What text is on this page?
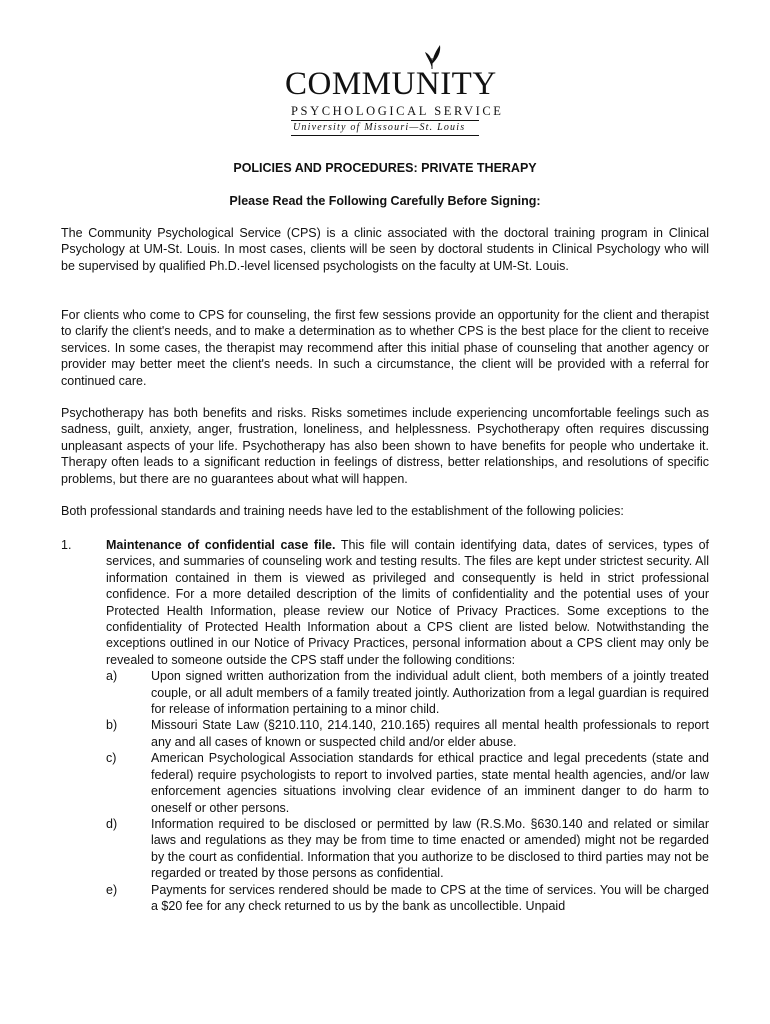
COMMUNITY
PSYCHOLOGICAL SERVICE
University of Missouri—St. Louis
POLICIES AND PROCEDURES: PRIVATE THERAPY
Please Read the Following Carefully Before Signing:
The Community Psychological Service (CPS) is a clinic associated with the doctoral training program in Clinical Psychology at UM-St. Louis. In most cases, clients will be seen by doctoral students in Clinical Psychology who will be supervised by qualified Ph.D.-level licensed psychologists on the faculty at UM-St. Louis.
For clients who come to CPS for counseling, the first few sessions provide an opportunity for the client and therapist to clarify the client's needs, and to make a determination as to whether CPS is the best place for the client to receive services. In some cases, the therapist may recommend after this initial phase of counseling that another agency or provider may better meet the client's needs. In such a circumstance, the client will be provided with a referral for continued care.
Psychotherapy has both benefits and risks. Risks sometimes include experiencing uncomfortable feelings such as sadness, guilt, anxiety, anger, frustration, loneliness, and helplessness. Psychotherapy often requires discussing unpleasant aspects of your life. Psychotherapy has also been shown to have benefits for people who undertake it. Therapy often leads to a significant reduction in feelings of distress, better relationships, and resolutions of specific problems, but there are no guarantees about what will happen.
Both professional standards and training needs have led to the establishment of the following policies:
1.	Maintenance of confidential case file. This file will contain identifying data, dates of services, types of services, and summaries of counseling work and testing results. The files are kept under strictest security. All information contained in them is viewed as privileged and consequently is held in strict professional confidence. For a more detailed description of the limits of confidentiality and the potential uses of your Protected Health Information, please review our Notice of Privacy Practices. Some exceptions to the confidentiality of Protected Health Information about a CPS client are listed below. Notwithstanding the exceptions outlined in our Notice of Privacy Practices, personal information about a CPS client may only be revealed to someone outside the CPS staff under the following conditions:
a)	Upon signed written authorization from the individual adult client, both members of a jointly treated couple, or all adult members of a family treated jointly. Authorization from a legal guardian is required for release of information pertaining to a minor child.
b)	Missouri State Law (§210.110, 214.140, 210.165) requires all mental health professionals to report any and all cases of known or suspected child and/or elder abuse.
c)	American Psychological Association standards for ethical practice and legal precedents (state and federal) require psychologists to report to involved parties, state mental health agencies, and/or law enforcement agencies situations involving clear evidence of an imminent danger to do harm to oneself or other persons.
d)	Information required to be disclosed or permitted by law (R.S.Mo. §630.140 and related or similar laws and regulations as they may be from time to time enacted or amended) might not be regarded by the court as confidential. Information that you authorize to be disclosed to third parties may not be regarded or treated by those persons as confidential.
e)	Payments for services rendered should be made to CPS at the time of services. You will be charged a $20 fee for any check returned to us by the bank as uncollectible. Unpaid
